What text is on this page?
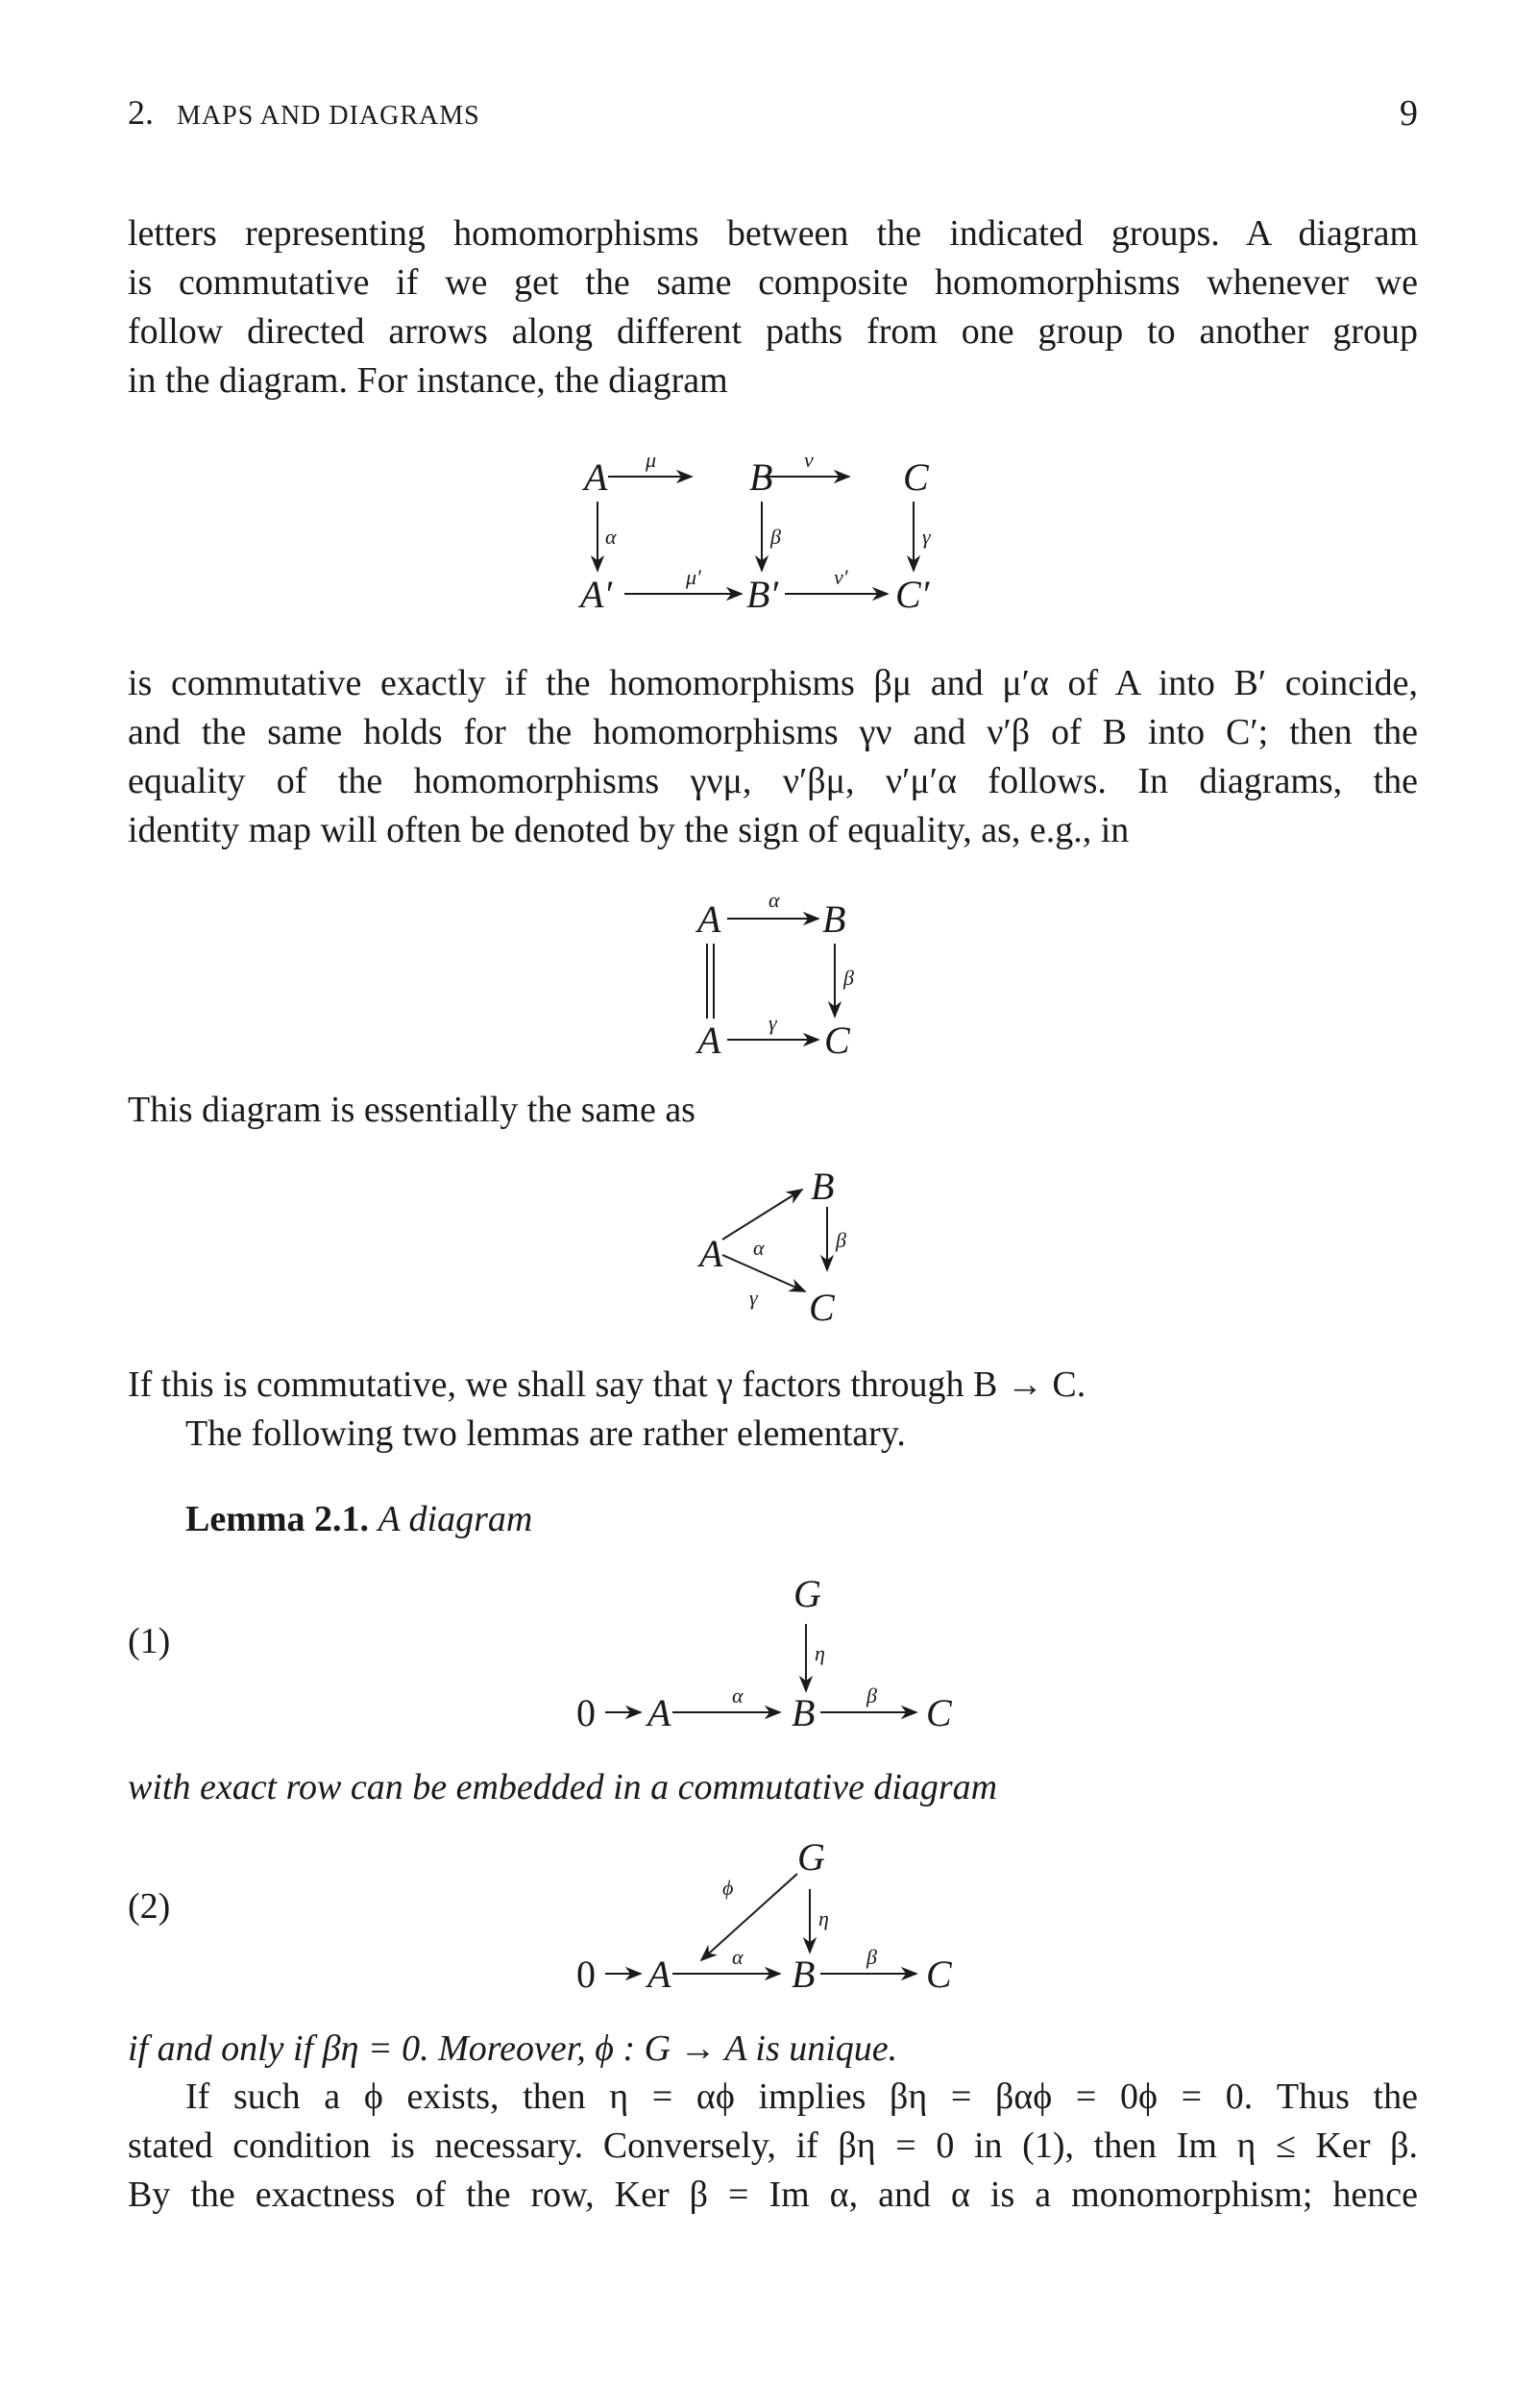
2. MAPS AND DIAGRAMS	9

letters representing homomorphisms between the indicated groups. A diagram
is commutative if we get the same composite homomorphisms whenever we
follow directed arrows along different paths from one group to another group
in the diagram. For instance, the diagram

is commutative exactly if the homomorphisms βμ and μ′α of A into B′ coincide,
and the same holds for the homomorphisms γν and ν′β of B into C′; then the
equality of the homomorphisms γνμ, ν′βμ, ν′μ′α follows. In diagrams, the
identity map will often be denoted by the sign of equality, as, e.g., in

This diagram is essentially the same as

If this is commutative, we shall say that γ factors through B → C.
The following two lemmas are rather elementary.

Lemma 2.1. A diagram

(1)

with exact row can be embedded in a commutative diagram

(2)

if and only if βη = 0. Moreover, ϕ : G → A is unique.

If such a ϕ exists, then η = αϕ implies βη = βαϕ = 0ϕ = 0. Thus the
stated condition is necessary. Conversely, if βη = 0 in (1), then Im η ≤ Ker β.
By the exactness of the row, Ker β = Im α, and α is a monomorphism; hence

A	B	C
A′	B′	C′
μ	ν
α	β	γ
μ′	ν′
A	B
A	C
α
β
γ
B
A
C
α	β
γ
G
0 A	B	C
η
α	β
G
0 A	B	C
ϕ
η
α	β
